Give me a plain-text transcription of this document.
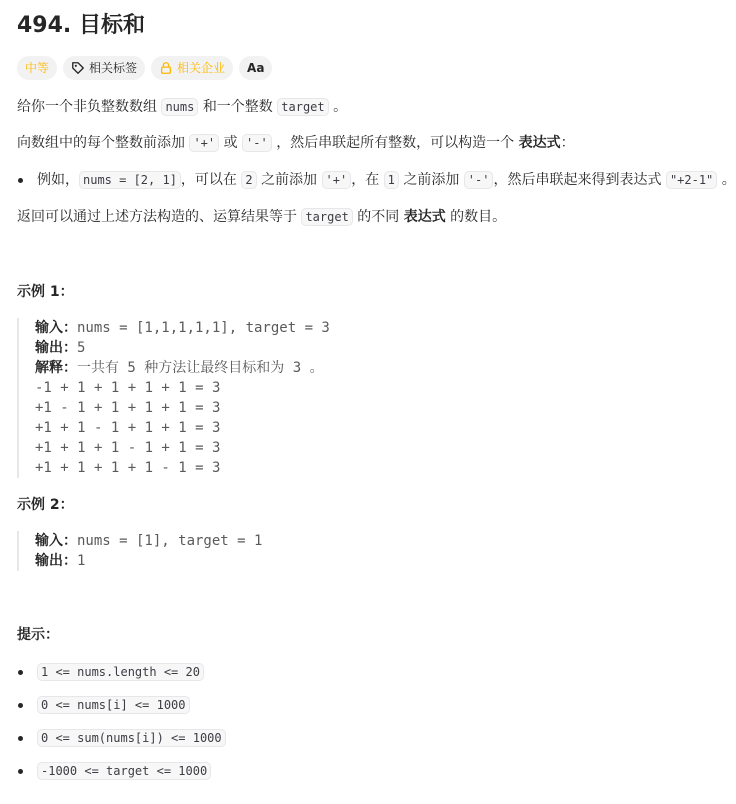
494. 目标和
中等	相关标签	相关企业 Aa

给你一个非负整数数组 nums 和一个整数 target 。

向数组中的每个整数前添加 '+' 或 '-' ，然后串联起所有整数，可以构造一个 表达式：

例如， nums = [2, 1] ，可以在 2 之前添加 '+' ，在 1 之前添加 '-' ，然后串联起来得到表达式 "+2-1" 。

返回可以通过上述方法构造的、运算结果等于 target 的不同 表达式 的数目。

示例 1：
输入：nums = [1,1,1,1,1], target = 3
输出：5
解释：一共有 5 种方法让最终目标和为 3 。
-1 + 1 + 1 + 1 + 1 = 3
+1 - 1 + 1 + 1 + 1 = 3
+1 + 1 - 1 + 1 + 1 = 3
+1 + 1 + 1 - 1 + 1 = 3
+1 + 1 + 1 + 1 - 1 = 3
示例 2：
输入：nums = [1], target = 1
输出：1
提示：
1 <= nums.length <= 20
0 <= nums[i] <= 1000
0 <= sum(nums[i]) <= 1000
-1000 <= target <= 1000
